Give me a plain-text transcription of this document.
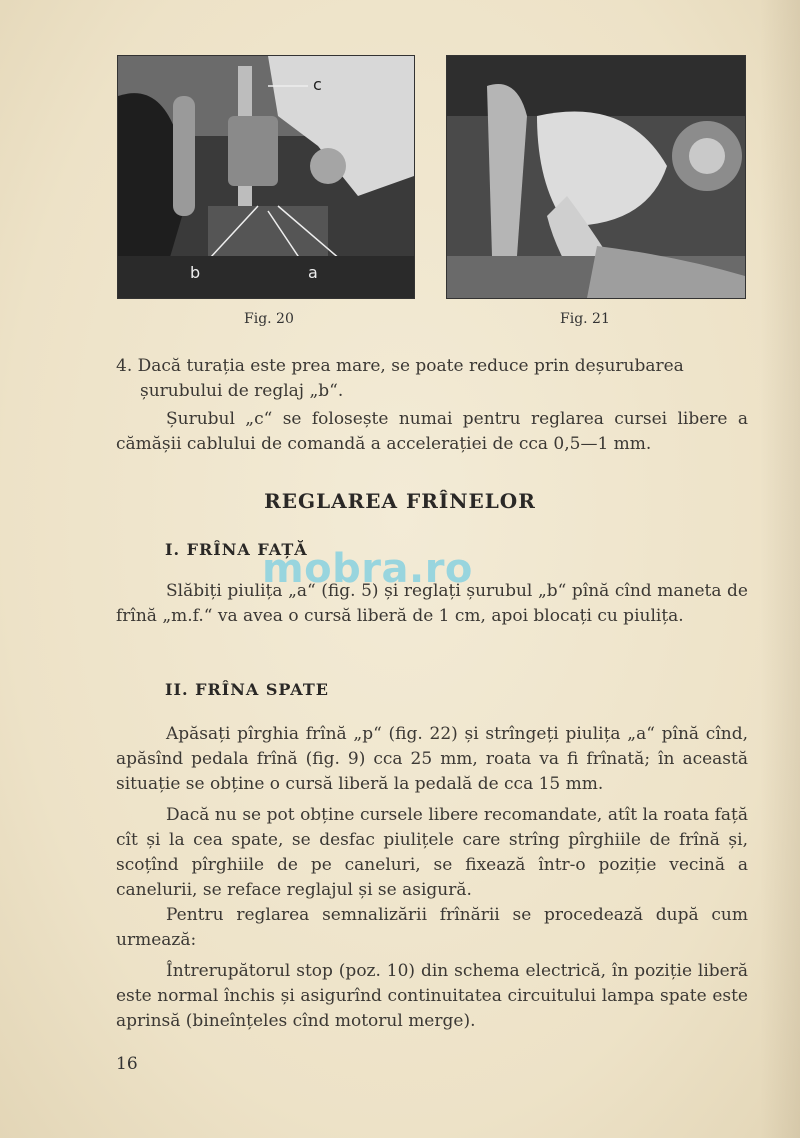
c
b	a
Fig. 20	Fig. 21

4. Dacă turația este prea mare, se poate reduce prin deșurubarea

șurubului de reglaj „b“.

Șurubul „c“ se folosește numai pentru reglarea cursei libere a cămășii cablului de comandă a accelerației de cca 0,5—1 mm.

REGLAREA FRÎNELOR
I. FRÎNA FAȚĂ

Slăbiți piulița „a“ (fig. 5) și reglați șurubul „b“ pînă cînd maneta de frînă „m.f.“ va avea o cursă liberă de 1 cm, apoi blocați cu piulița.

II. FRÎNA SPATE

Apăsați pîrghia frînă „p“ (fig. 22) și strîngeți piulița „a“ pînă cînd, apăsînd pedala frînă (fig. 9) cca 25 mm, roata va fi frînată; în această situație se obține o cursă liberă la pedală de cca 15 mm.

Dacă nu se pot obține cursele libere recomandate, atît la roata față cît și la cea spate, se desfac piulițele care strîng pîrghiile de frînă și, scoțînd pîrghiile de pe caneluri, se fixează într-o poziție vecină a canelurii, se reface reglajul și se asigură.

Pentru reglarea semnalizării frînării se procedează după cum urmează:

Întrerupătorul stop (poz. 10) din schema electrică, în poziție liberă este normal închis și asigurînd continuitatea circuitului lampa spate este aprinsă (bineînțeles cînd motorul merge).

mobra.ro
16
